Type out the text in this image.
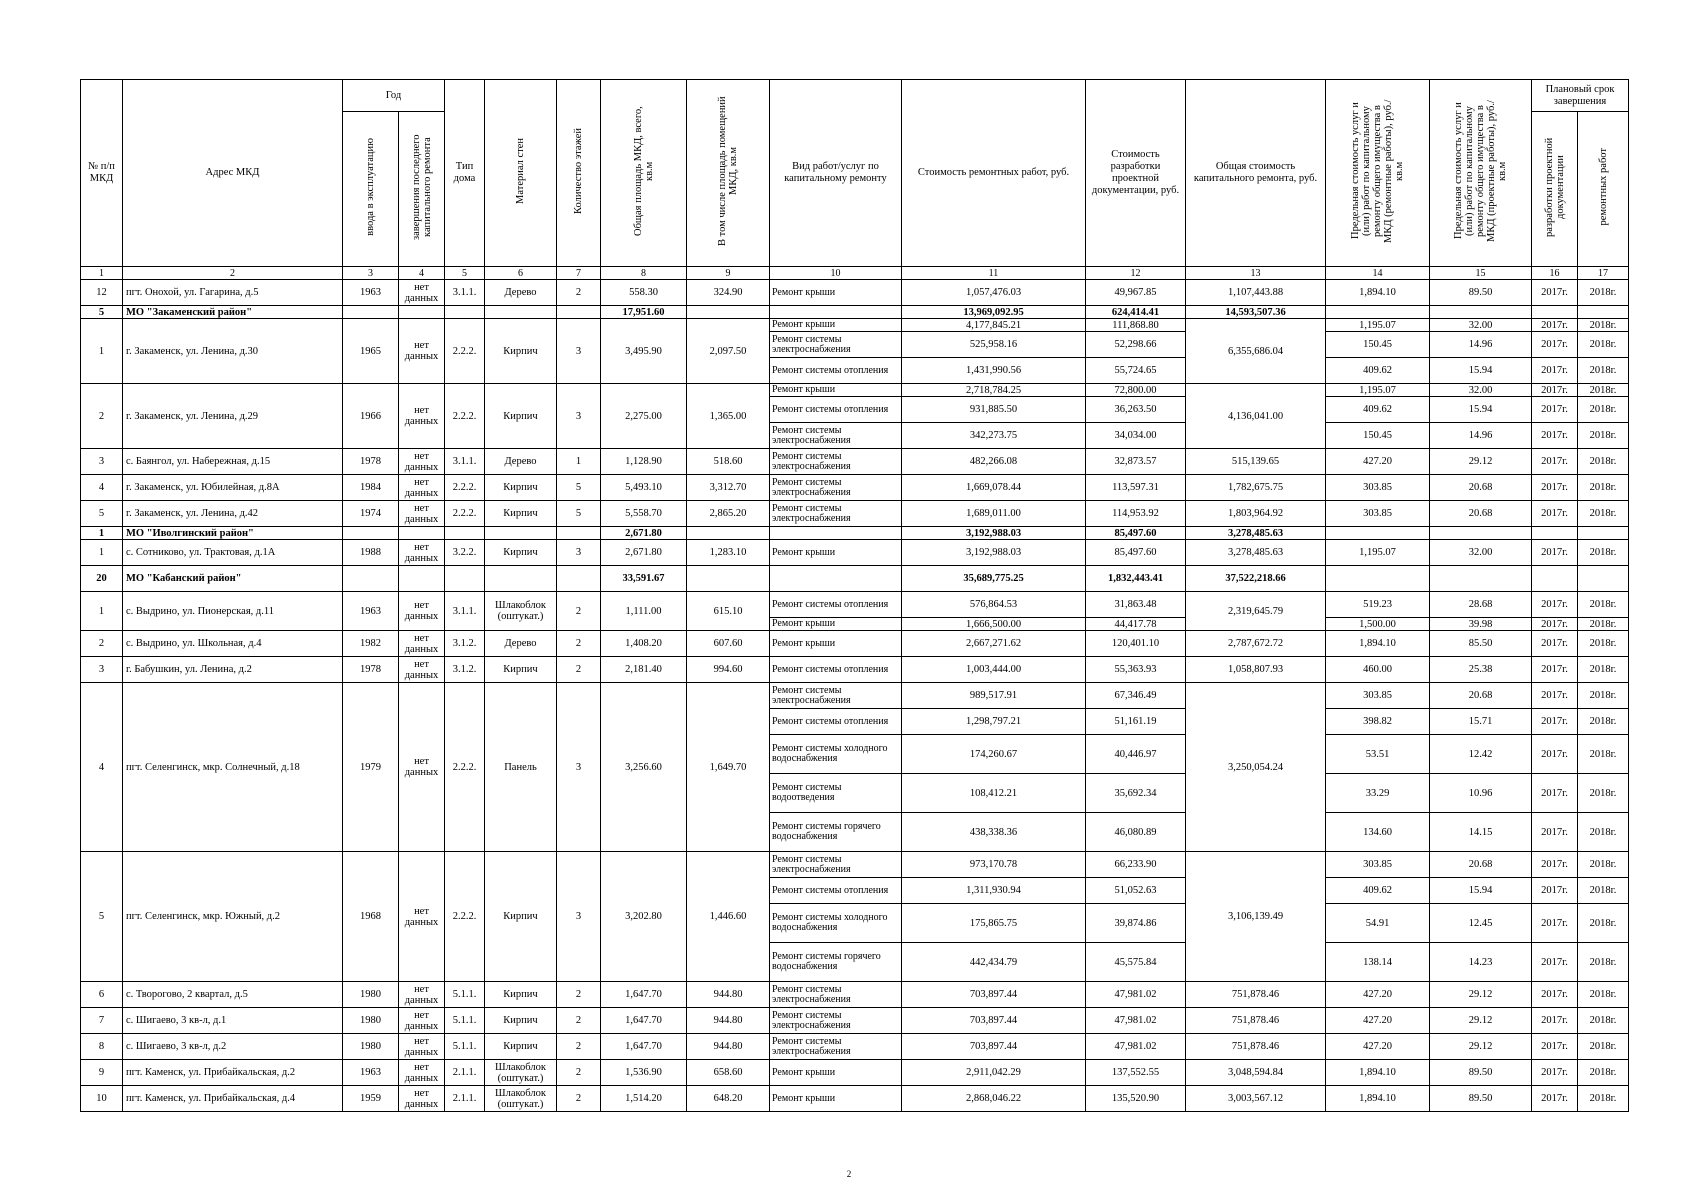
№ п/п МКД	Адрес МКД	Год		Тип дома	Материал стен	Количество этажей	Общая площадь МКД, всего, кв.м	В том числе площадь помещений МКД, кв.м	Вид работ/услуг по капитальному ремонту	Стоимость ремонтных работ, руб.	Стоимость разработки проектной документации, руб.	Общая стоимость капитального ремонта, руб.	Предельная стоимость услуг и (или) работ по капитальному ремонту общего имущества в МКД (ремонтные работы), руб./кв.м	Предельная стоимость услуг и (или) работ по капитальному ремонту общего имущества в МКД (проектные работы), руб./кв.м	Плановый срок завершения	
		ввода в эксплуатацию	завершения последнего капитального ремонта												разработки проектной документации	ремонтных работ
1	2	3	4	5	6	7	8	9	10	11	12	13	14	15	16	17
12	пгт. Онохой, ул. Гагарина, д.5	1963	нет данных	3.1.1.	Дерево	2	558.30	324.90	Ремонт крыши	1,057,476.03	49,967.85	1,107,443.88	1,894.10	89.50	2017г.	2018г.
5	МО "Закаменский район"						17,951.60			13,969,092.95	624,414.41	14,593,507.36				
1	г. Закаменск, ул. Ленина, д.30	1965	нет данных	2.2.2.	Кирпич	3	3,495.90	2,097.50	Ремонт крыши	4,177,845.21	111,868.80	6,355,686.04	1,195.07	32.00	2017г.	2018г.
									Ремонт системы электроснабжения	525,958.16	52,298.66		150.45	14.96	2017г.	2018г.
									Ремонт системы отопления	1,431,990.56	55,724.65		409.62	15.94	2017г.	2018г.
2	г. Закаменск, ул. Ленина, д.29	1966	нет данных	2.2.2.	Кирпич	3	2,275.00	1,365.00	Ремонт крыши	2,718,784.25	72,800.00	4,136,041.00	1,195.07	32.00	2017г.	2018г.
									Ремонт системы отопления	931,885.50	36,263.50		409.62	15.94	2017г.	2018г.
									Ремонт системы электроснабжения	342,273.75	34,034.00		150.45	14.96	2017г.	2018г.
3	с. Баянгол, ул. Набережная, д.15	1978	нет данных	3.1.1.	Дерево	1	1,128.90	518.60	Ремонт системы электроснабжения	482,266.08	32,873.57	515,139.65	427.20	29.12	2017г.	2018г.
4	г. Закаменск, ул. Юбилейная, д.8А	1984	нет данных	2.2.2.	Кирпич	5	5,493.10	3,312.70	Ремонт системы электроснабжения	1,669,078.44	113,597.31	1,782,675.75	303.85	20.68	2017г.	2018г.
5	г. Закаменск, ул. Ленина, д.42	1974	нет данных	2.2.2.	Кирпич	5	5,558.70	2,865.20	Ремонт системы электроснабжения	1,689,011.00	114,953.92	1,803,964.92	303.85	20.68	2017г.	2018г.
1	МО "Иволгинский район"						2,671.80			3,192,988.03	85,497.60	3,278,485.63				
1	с. Сотниково, ул. Трактовая, д.1А	1988	нет данных	3.2.2.	Кирпич	3	2,671.80	1,283.10	Ремонт крыши	3,192,988.03	85,497.60	3,278,485.63	1,195.07	32.00	2017г.	2018г.
20	МО "Кабанский район"						33,591.67			35,689,775.25	1,832,443.41	37,522,218.66				
1	с. Выдрино, ул. Пионерская, д.11	1963	нет данных	3.1.1.	Шлакоблок (оштукат.)	2	1,111.00	615.10	Ремонт системы отопления	576,864.53	31,863.48	2,319,645.79	519.23	28.68	2017г.	2018г.
									Ремонт крыши	1,666,500.00	44,417.78		1,500.00	39.98	2017г.	2018г.
2	с. Выдрино, ул. Школьная, д.4	1982	нет данных	3.1.2.	Дерево	2	1,408.20	607.60	Ремонт крыши	2,667,271.62	120,401.10	2,787,672.72	1,894.10	85.50	2017г.	2018г.
3	г. Бабушкин, ул. Ленина, д.2	1978	нет данных	3.1.2.	Кирпич	2	2,181.40	994.60	Ремонт системы отопления	1,003,444.00	55,363.93	1,058,807.93	460.00	25.38	2017г.	2018г.
4	пгт. Селенгинск, мкр. Солнечный, д.18	1979	нет данных	2.2.2.	Панель	3	3,256.60	1,649.70	Ремонт системы электроснабжения	989,517.91	67,346.49	3,250,054.24	303.85	20.68	2017г.	2018г.
									Ремонт системы отопления	1,298,797.21	51,161.19		398.82	15.71	2017г.	2018г.
									Ремонт системы холодного водоснабжения	174,260.67	40,446.97		53.51	12.42	2017г.	2018г.
									Ремонт системы водоотведения	108,412.21	35,692.34		33.29	10.96	2017г.	2018г.
									Ремонт системы горячего водоснабжения	438,338.36	46,080.89		134.60	14.15	2017г.	2018г.
5	пгт. Селенгинск, мкр. Южный, д.2	1968	нет данных	2.2.2.	Кирпич	3	3,202.80	1,446.60	Ремонт системы электроснабжения	973,170.78	66,233.90	3,106,139.49	303.85	20.68	2017г.	2018г.
									Ремонт системы отопления	1,311,930.94	51,052.63		409.62	15.94	2017г.	2018г.
									Ремонт системы холодного водоснабжения	175,865.75	39,874.86		54.91	12.45	2017г.	2018г.
									Ремонт системы горячего водоснабжения	442,434.79	45,575.84		138.14	14.23	2017г.	2018г.
6	с. Творогово, 2 квартал, д.5	1980	нет данных	5.1.1.	Кирпич	2	1,647.70	944.80	Ремонт системы электроснабжения	703,897.44	47,981.02	751,878.46	427.20	29.12	2017г.	2018г.
7	с. Шигаево, 3 кв-л, д.1	1980	нет данных	5.1.1.	Кирпич	2	1,647.70	944.80	Ремонт системы электроснабжения	703,897.44	47,981.02	751,878.46	427.20	29.12	2017г.	2018г.
8	с. Шигаево, 3 кв-л, д.2	1980	нет данных	5.1.1.	Кирпич	2	1,647.70	944.80	Ремонт системы электроснабжения	703,897.44	47,981.02	751,878.46	427.20	29.12	2017г.	2018г.
9	пгт. Каменск, ул. Прибайкальская, д.2	1963	нет данных	2.1.1.	Шлакоблок (оштукат.)	2	1,536.90	658.60	Ремонт крыши	2,911,042.29	137,552.55	3,048,594.84	1,894.10	89.50	2017г.	2018г.
10	пгт. Каменск, ул. Прибайкальская, д.4	1959	нет данных	2.1.1.	Шлакоблок (оштукат.)	2	1,514.20	648.20	Ремонт крыши	2,868,046.22	135,520.90	3,003,567.12	1,894.10	89.50	2017г.	2018г.
2
